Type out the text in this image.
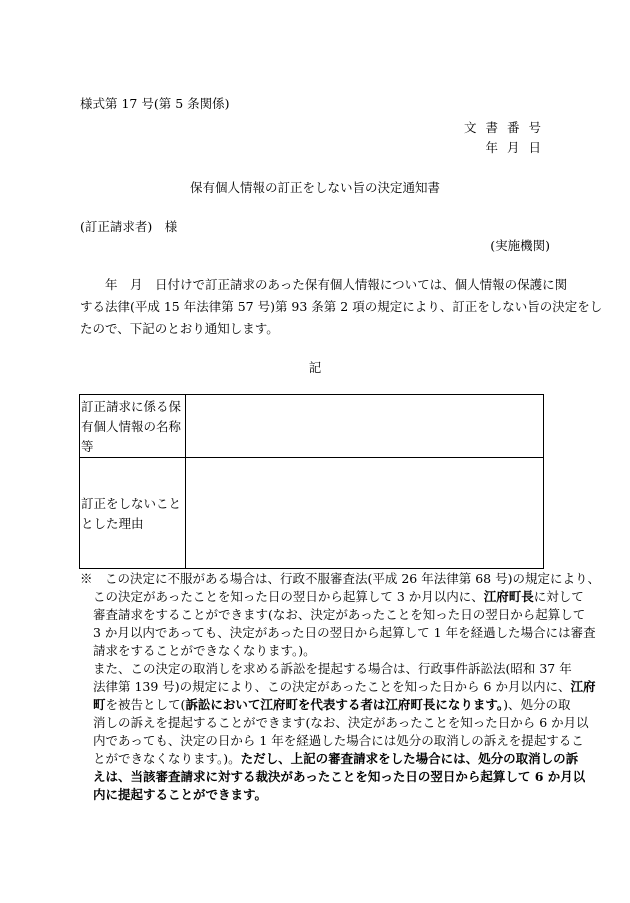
様式第 17 号(第 5 条関係)
文書番号
年月日
保有個人情報の訂正をしない旨の決定通知書
(訂正請求者)　様
(実施機関)
　　年　月　日付けで訂正請求のあった保有個人情報については、個人情報の保護に関
する法律(平成 15 年法律第 57 号)第 93 条第 2 項の規定により、訂正をしない旨の決定をし
たので、下記のとおり通知します。
記
訂正請求に係る保
有個人情報の名称
等	

訂正をしないこと
とした理由	

※　この決定に不服がある場合は、行政不服審査法(平成 26 年法律第 68 号)の規定により、
この決定があったことを知った日の翌日から起算して 3 か月以内に、江府町長に対して
審査請求をすることができます(なお、決定があったことを知った日の翌日から起算して
3 か月以内であっても、決定があった日の翌日から起算して 1 年を経過した場合には審査
請求をすることができなくなります。)。
また、この決定の取消しを求める訴訟を提起する場合は、行政事件訴訟法(昭和 37 年
法律第 139 号)の規定により、この決定があったことを知った日から 6 か月以内に、江府
町を被告として(訴訟において江府町を代表する者は江府町長になります。)、処分の取
消しの訴えを提起することができます(なお、決定があったことを知った日から 6 か月以
内であっても、決定の日から 1 年を経過した場合には処分の取消しの訴えを提起するこ
とができなくなります。)。ただし、上記の審査請求をした場合には、処分の取消しの訴
えは、当該審査請求に対する裁決があったことを知った日の翌日から起算して 6 か月以
内に提起することができます。
